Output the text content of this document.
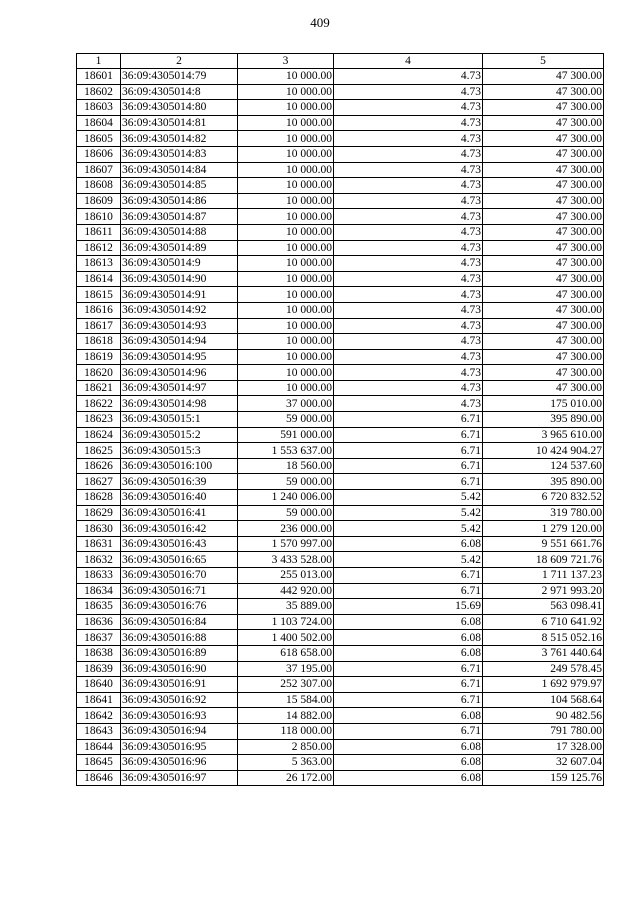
409
1	2	3	4	5
18601	36:09:4305014:79	10 000.00	4.73	47 300.00
18602	36:09:4305014:8	10 000.00	4.73	47 300.00
18603	36:09:4305014:80	10 000.00	4.73	47 300.00
18604	36:09:4305014:81	10 000.00	4.73	47 300.00
18605	36:09:4305014:82	10 000.00	4.73	47 300.00
18606	36:09:4305014:83	10 000.00	4.73	47 300.00
18607	36:09:4305014:84	10 000.00	4.73	47 300.00
18608	36:09:4305014:85	10 000.00	4.73	47 300.00
18609	36:09:4305014:86	10 000.00	4.73	47 300.00
18610	36:09:4305014:87	10 000.00	4.73	47 300.00
18611	36:09:4305014:88	10 000.00	4.73	47 300.00
18612	36:09:4305014:89	10 000.00	4.73	47 300.00
18613	36:09:4305014:9	10 000.00	4.73	47 300.00
18614	36:09:4305014:90	10 000.00	4.73	47 300.00
18615	36:09:4305014:91	10 000.00	4.73	47 300.00
18616	36:09:4305014:92	10 000.00	4.73	47 300.00
18617	36:09:4305014:93	10 000.00	4.73	47 300.00
18618	36:09:4305014:94	10 000.00	4.73	47 300.00
18619	36:09:4305014:95	10 000.00	4.73	47 300.00
18620	36:09:4305014:96	10 000.00	4.73	47 300.00
18621	36:09:4305014:97	10 000.00	4.73	47 300.00
18622	36:09:4305014:98	37 000.00	4.73	175 010.00
18623	36:09:4305015:1	59 000.00	6.71	395 890.00
18624	36:09:4305015:2	591 000.00	6.71	3 965 610.00
18625	36:09:4305015:3	1 553 637.00	6.71	10 424 904.27
18626	36:09:4305016:100	18 560.00	6.71	124 537.60
18627	36:09:4305016:39	59 000.00	6.71	395 890.00
18628	36:09:4305016:40	1 240 006.00	5.42	6 720 832.52
18629	36:09:4305016:41	59 000.00	5.42	319 780.00
18630	36:09:4305016:42	236 000.00	5.42	1 279 120.00
18631	36:09:4305016:43	1 570 997.00	6.08	9 551 661.76
18632	36:09:4305016:65	3 433 528.00	5.42	18 609 721.76
18633	36:09:4305016:70	255 013.00	6.71	1 711 137.23
18634	36:09:4305016:71	442 920.00	6.71	2 971 993.20
18635	36:09:4305016:76	35 889.00	15.69	563 098.41
18636	36:09:4305016:84	1 103 724.00	6.08	6 710 641.92
18637	36:09:4305016:88	1 400 502.00	6.08	8 515 052.16
18638	36:09:4305016:89	618 658.00	6.08	3 761 440.64
18639	36:09:4305016:90	37 195.00	6.71	249 578.45
18640	36:09:4305016:91	252 307.00	6.71	1 692 979.97
18641	36:09:4305016:92	15 584.00	6.71	104 568.64
18642	36:09:4305016:93	14 882.00	6.08	90 482.56
18643	36:09:4305016:94	118 000.00	6.71	791 780.00
18644	36:09:4305016:95	2 850.00	6.08	17 328.00
18645	36:09:4305016:96	5 363.00	6.08	32 607.04
18646	36:09:4305016:97	26 172.00	6.08	159 125.76
